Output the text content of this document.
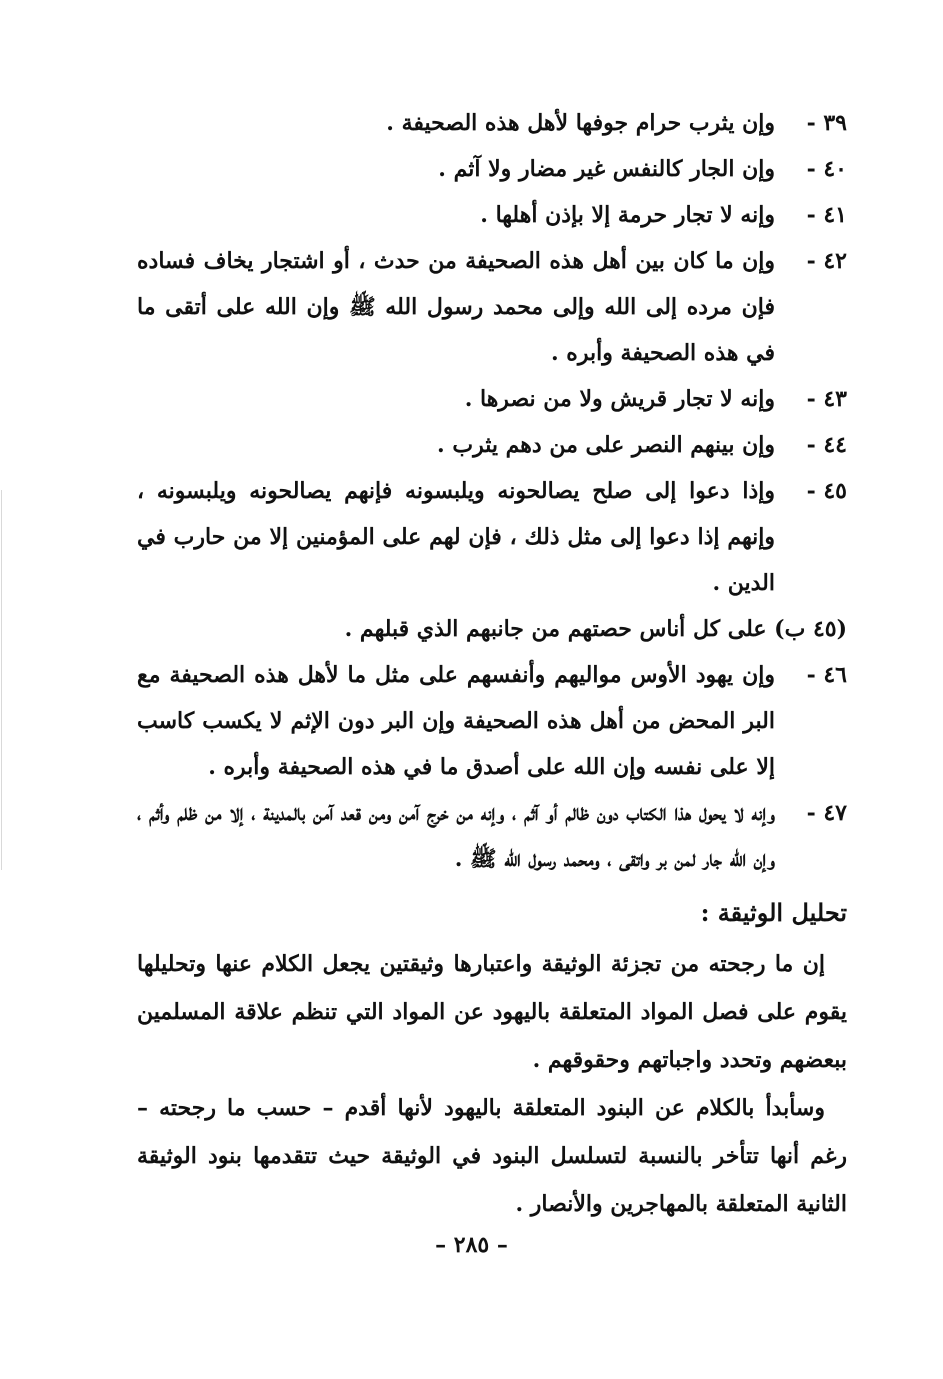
٣٩ -
وإن يثرب حرام جوفها لأهل هذه الصحيفة .
٤٠ -
وإن الجار كالنفس غير مضار ولا آثم .
٤١ -
وإنه لا تجار حرمة إلا بإذن أهلها .
٤٢ -
وإن ما كان بين أهل هذه الصحيفة من حدث ، أو اشتجار يخاف فساده فإن مرده إلى الله وإلى محمد رسول الله ﷺ وإن الله على أتقى ما في هذه الصحيفة وأبره .
٤٣ -
وإنه لا تجار قريش ولا من نصرها .
٤٤ -
وإن بينهم النصر على من دهم يثرب .
٤٥ -
وإذا دعوا إلى صلح يصالحونه ويلبسونه فإنهم يصالحونه ويلبسونه ، وإنهم إذا دعوا إلى مثل ذلك ، فإن لهم على المؤمنين إلا من حارب في الدين .
(٤٥ ب) على كل أناس حصتهم من جانبهم الذي قبلهم .
٤٦ -
وإن يهود الأوس مواليهم وأنفسهم على مثل ما لأهل هذه الصحيفة مع البر المحض من أهل هذه الصحيفة وإن البر دون الإثم لا يكسب كاسب إلا على نفسه وإن الله على أصدق ما في هذه الصحيفة وأبره .
٤٧ -
وإنه لا يحول هذا الكتاب دون ظالم أو آثم ، وإنه من خرج آمن ومن قعد آمن بالمدينة ، إلا من ظلم وأثم ، وإن الله جار لمن بر واتقى ، ومحمد رسول الله ﷺ .
تحليل الوثيقة :

إن ما رجحته من تجزئة الوثيقة واعتبارها وثيقتين يجعل الكلام عنها وتحليلها يقوم على فصل المواد المتعلقة باليهود عن المواد التي تنظم علاقة المسلمين ببعضهم وتحدد واجباتهم وحقوقهم .

وسأبدأ بالكلام عن البنود المتعلقة باليهود لأنها أقدم – حسب ما رجحته – رغم أنها تتأخر بالنسبة لتسلسل البنود في الوثيقة حيث تتقدمها بنود الوثيقة الثانية المتعلقة بالمهاجرين والأنصار .

– ٢٨٥ –
